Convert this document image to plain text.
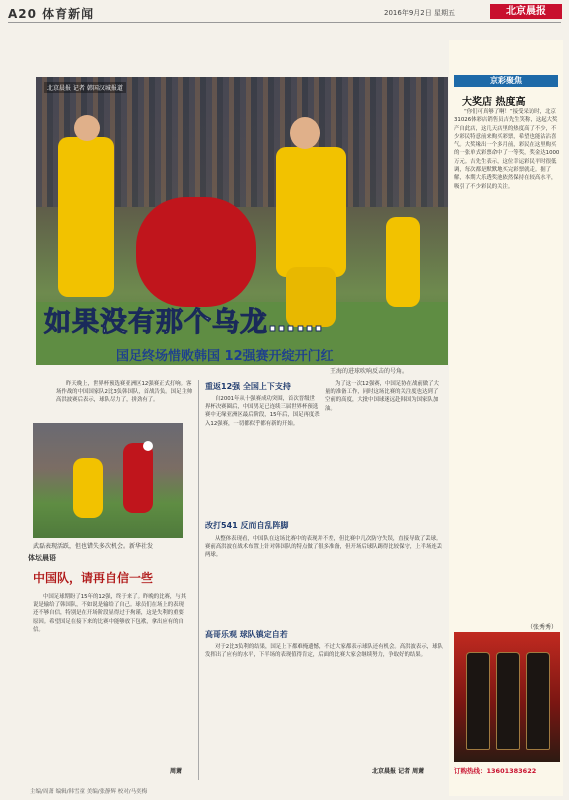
A20 体育新闻	2016年9月2日 星期五	北京晨报
北京晨报 记者 韩国汉城报道
如果没有那个乌龙……
国足终场惜败韩国 12强赛开绽开门红
王海的进球吹响反击的号角。
昨天晚上，世界杯预选赛亚洲区12强赛正式打响。客场作战的中国国家队2比3负韩国队，首战告负。国足主帅高洪波赛后表示，球队尽力了，拼劲有了。
武磊表现活跃，但也错失多次机会。新华社发
体坛晨语
中国队，请再自信一些
中国足球期盼了15年的12强，终于来了。昨晚的比赛，与其说是输给了韩国队，不如说是输给了自己。球员们在场上的表现还不够自信，特别是在开场阶段显得过于拘谨，这是失利的重要原因。希望国足在接下来的比赛中能够放下包袱，拿出应有的自信。
周萧
重返12强 全国上下支持
自2001年从十强赛成功突围，首次晋级世界杯决赛圈后，中国男足已连续三届世界杯预选赛中无缘亚洲区最后阶段，15年后，国足再度杀入12强赛，一切都似乎都有新的开始。
为了这一次12强赛，中国足协在战前做了大量的准备工作，同时这场比赛的关注度也达到了空前的高度，大批中国球迷远赴韩国为国家队加油。
改打541 反而自乱阵脚
从整体表现看，中国队在这场比赛中的表现并不差，但比赛中几次防守失误，直接导致了丢球。赛前高洪波在战术布置上针对韩国队的特点做了很多准备，但开场后球队踢得比较保守，上半场连丢两球。
高哥乐观 球队镇定自若
对于2比3负利的结果，国足上下都难掩遗憾，不过大家都表示球队还有机会。高洪波表示，球队发挥出了应有的水平，下半场的表现值得肯定，后面的比赛大家会继续努力，争取好的结果。
北京晨报 记者 周萧
京彩聚焦
大奖店 热度高
“你们可真够了啊！”接受采访时，北京31026体彩店销售员吉先生笑称，这起大奖产自此店，这几天店里的热度高了不少，不少彩民特意前来购买彩票，希望也能沾沾喜气。大奖缘出一个多月前，彩民在这里购买的一张单式彩票命中了一等奖，奖金达1000万元。吉先生表示，这位幸运彩民平时很低调，每次都是默默地买完彩票就走。据了解，本期大乐透奖池依然保持在较高水平，吸引了不少彩民的关注。
（张秀秀）
订购热线：13601383622
主编/周萧 编辑/韩雪童 美编/张静辉 校对/马奕梅
